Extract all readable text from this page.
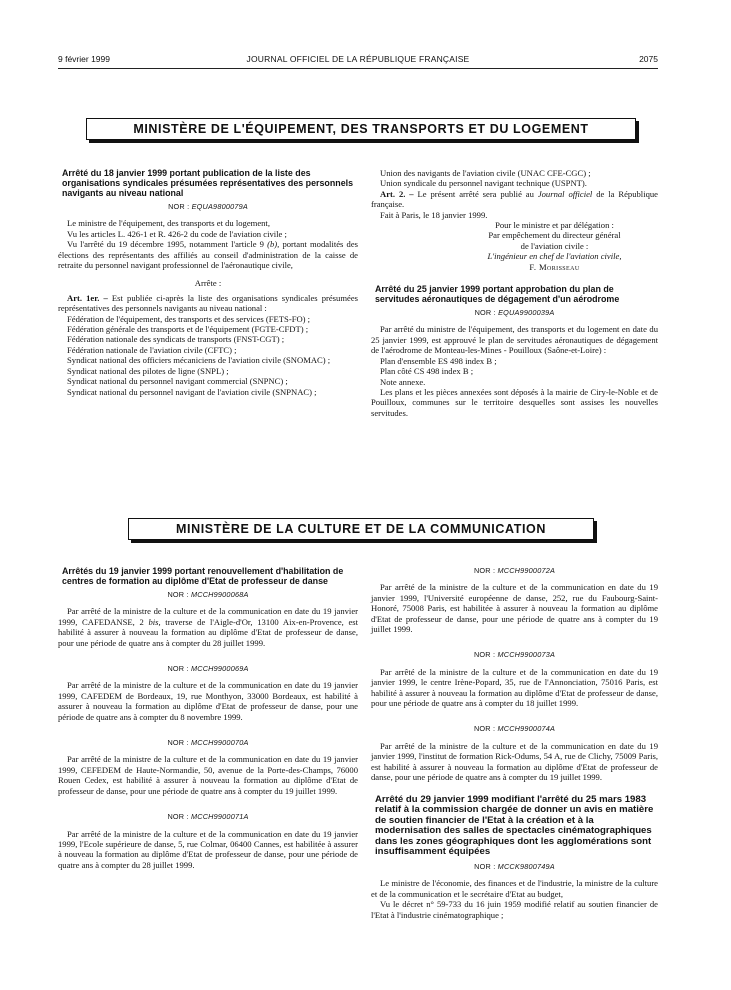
9 février 1999	JOURNAL OFFICIEL DE LA RÉPUBLIQUE FRANÇAISE	2075
MINISTÈRE DE L'ÉQUIPEMENT, DES TRANSPORTS ET DU LOGEMENT
Arrêté du 18 janvier 1999 portant publication de la liste des organisations syndicales présumées représentatives des personnels navigants au niveau national
NOR : EQUA9800079A

Le ministre de l'équipement, des transports et du logement,

Vu les articles L. 426-1 et R. 426-2 du code de l'aviation civile ;

Vu l'arrêté du 19 décembre 1995, notamment l'article 9 (b), portant modalités des élections des représentants des affiliés au conseil d'administration de la caisse de retraite du personnel navigant professionnel de l'aéronautique civile,

Arrête :

Art. 1er. – Est publiée ci-après la liste des organisations syndicales présumées représentatives des personnels navigants au niveau national :

Fédération de l'équipement, des transports et des services (FETS-FO) ;

Fédération générale des transports et de l'équipement (FGTE-CFDT) ;

Fédération nationale des syndicats de transports (FNST-CGT) ;

Fédération nationale de l'aviation civile (CFTC) ;

Syndicat national des officiers mécaniciens de l'aviation civile (SNOMAC) ;

Syndicat national des pilotes de ligne (SNPL) ;

Syndicat national du personnel navigant commercial (SNPNC) ;

Syndicat national du personnel navigant de l'aviation civile (SNPNAC) ;

Union des navigants de l'aviation civile (UNAC CFE-CGC) ;

Union syndicale du personnel navigant technique (USPNT).

Art. 2. – Le présent arrêté sera publié au Journal officiel de la République française.

Fait à Paris, le 18 janvier 1999.

Pour le ministre et par délégation :
Par empêchement du directeur général
de l'aviation civile :
L'ingénieur en chef de l'aviation civile,
F. Morisseau
Arrêté du 25 janvier 1999 portant approbation du plan de servitudes aéronautiques de dégagement d'un aérodrome
NOR : EQUA9900039A

Par arrêté du ministre de l'équipement, des transports et du logement en date du 25 janvier 1999, est approuvé le plan de servitudes aéronautiques de dégagement de l'aérodrome de Monteau-les-Mines - Pouilloux (Saône-et-Loire) :

Plan d'ensemble ES 498 index B ;

Plan côté CS 498 index B ;

Note annexe.

Les plans et les pièces annexées sont déposés à la mairie de Ciry-le-Noble et de Pouilloux, communes sur le territoire desquelles sont assises les nouvelles servitudes.

MINISTÈRE DE LA CULTURE ET DE LA COMMUNICATION
Arrêtés du 19 janvier 1999 portant renouvellement d'habilitation de centres de formation au diplôme d'Etat de professeur de danse
NOR : MCCH9900068A

Par arrêté de la ministre de la culture et de la communication en date du 19 janvier 1999, CAFEDANSE, 2 bis, traverse de l'Aigle-d'Or, 13100 Aix-en-Provence, est habilité à assurer à nouveau la formation au diplôme d'Etat de professeur de danse, pour une période de quatre ans à compter du 28 juillet 1999.

NOR : MCCH9900069A

Par arrêté de la ministre de la culture et de la communication en date du 19 janvier 1999, CAFEDEM de Bordeaux, 19, rue Monthyon, 33000 Bordeaux, est habilité à assurer à nouveau la formation au diplôme d'Etat de professeur de danse, pour une période de quatre ans à compter du 8 novembre 1999.

NOR : MCCH9900070A

Par arrêté de la ministre de la culture et de la communication en date du 19 janvier 1999, CEFEDEM de Haute-Normandie, 50, avenue de la Porte-des-Champs, 76000 Rouen Cedex, est habilité à assurer à nouveau la formation au diplôme d'Etat de professeur de danse, pour une période de quatre ans à compter du 19 juillet 1999.

NOR : MCCH9900071A

Par arrêté de la ministre de la culture et de la communication en date du 19 janvier 1999, l'Ecole supérieure de danse, 5, rue Colmar, 06400 Cannes, est habilitée à assurer à nouveau la formation au diplôme d'Etat de professeur de danse, pour une période de quatre ans à compter du 28 juillet 1999.

NOR : MCCH9900072A

Par arrêté de la ministre de la culture et de la communication en date du 19 janvier 1999, l'Université européenne de danse, 252, rue du Faubourg-Saint-Honoré, 75008 Paris, est habilitée à assurer à nouveau la formation au diplôme d'Etat de professeur de danse, pour une période de quatre ans à compter du 19 juillet 1999.

NOR : MCCH9900073A

Par arrêté de la ministre de la culture et de la communication en date du 19 janvier 1999, le centre Irène-Popard, 35, rue de l'Annonciation, 75016 Paris, est habilité à assurer à nouveau la formation au diplôme d'Etat de professeur de danse, pour une période de quatre ans à compter du 18 juillet 1999.

NOR : MCCH9900074A

Par arrêté de la ministre de la culture et de la communication en date du 19 janvier 1999, l'institut de formation Rick-Odums, 54 A, rue de Clichy, 75009 Paris, est habilité à assurer à nouveau la formation au diplôme d'Etat de professeur de danse, pour une période de quatre ans à compter du 19 juillet 1999.

Arrêté du 29 janvier 1999 modifiant l'arrêté du 25 mars 1983 relatif à la commission chargée de donner un avis en matière de soutien financier de l'Etat à la création et à la modernisation des salles de spectacles cinématographiques dans les zones géographiques dont les agglomérations sont insuffisamment équipées
NOR : MCCK9800749A

Le ministre de l'économie, des finances et de l'industrie, la ministre de la culture et de la communication et le secrétaire d'Etat au budget,

Vu le décret n° 59-733 du 16 juin 1959 modifié relatif au soutien financier de l'Etat à l'industrie cinématographique ;
